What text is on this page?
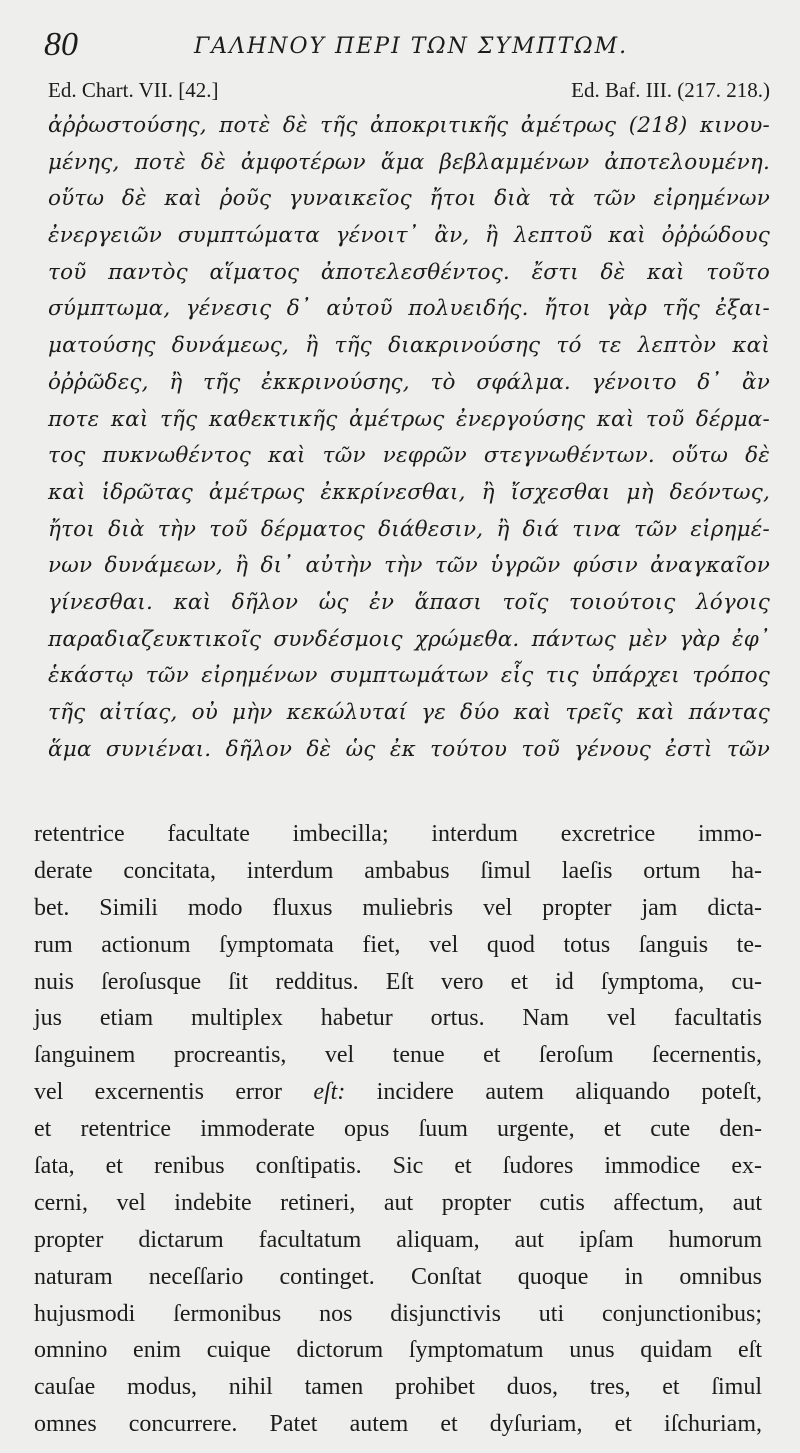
80	ΓΑΛΗΝΟΥ ΠΕΡΙ ΤΩΝ ΣΥΜΠΤΩΜ.
Ed. Chart. VII. [42.]	Ed. Baf. III. (217. 218.)
ἀῤῥωστούσης, ποτὲ δὲ τῆς ἀποκριτικῆς ἀμέτρως (218) κινου-
μένης, ποτὲ δὲ ἀμφοτέρων ἅμα βεβλαμμένων ἀποτελουμένη.
οὕτω δὲ καὶ ῥοῦς γυναικεῖος ἤτοι διὰ τὰ τῶν εἰρημένων
ἐνεργειῶν συμπτώματα γένοιτ᾽ ἂν, ἢ λεπτοῦ καὶ ὀῤῥώδους
τοῦ παντὸς αἵματος ἀποτελεσθέντος. ἔστι δὲ καὶ τοῦτο
σύμπτωμα, γένεσις δ᾽ αὐτοῦ πολυειδής. ἤτοι γὰρ τῆς ἐξαι-
ματούσης δυνάμεως, ἢ τῆς διακρινούσης τό τε λεπτὸν καὶ
ὀῤῥῶδες, ἢ τῆς ἐκκρινούσης, τὸ σφάλμα. γένοιτο δ᾽ ἂν
ποτε καὶ τῆς καθεκτικῆς ἀμέτρως ἐνεργούσης καὶ τοῦ δέρμα-
τος πυκνωθέντος καὶ τῶν νεφρῶν στεγνωθέντων. οὕτω δὲ
καὶ ἱδρῶτας ἀμέτρως ἐκκρίνεσθαι, ἢ ἴσχεσθαι μὴ δεόντως,
ἤτοι διὰ τὴν τοῦ δέρματος διάθεσιν, ἢ διά τινα τῶν εἰρημέ-
νων δυνάμεων, ἢ δι᾽ αὐτὴν τὴν τῶν ὑγρῶν φύσιν ἀναγκαῖον
γίνεσθαι. καὶ δῆλον ὡς ἐν ἅπασι τοῖς τοιούτοις λόγοις
παραδιαζευκτικοῖς συνδέσμοις χρώμεθα. πάντως μὲν γὰρ ἐφ᾽
ἑκάστῳ τῶν εἰρημένων συμπτωμάτων εἷς τις ὑπάρχει τρόπος
τῆς αἰτίας, οὐ μὴν κεκώλυταί γε δύο καὶ τρεῖς καὶ πάντας
ἅμα συνιέναι. δῆλον δὲ ὡς ἐκ τούτου τοῦ γένους ἐστὶ τῶν
retentrice facultate imbecilla; interdum excretrice immo-
derate concitata, interdum ambabus ſimul laeſis ortum ha-
bet. Simili modo fluxus muliebris vel propter jam dicta-
rum actionum ſymptomata fiet, vel quod totus ſanguis te-
nuis ſeroſusque ſit redditus. Eſt vero et id ſymptoma, cu-
jus etiam multiplex habetur ortus. Nam vel facultatis
ſanguinem procreantis, vel tenue et ſeroſum ſecernentis,
vel excernentis error eſt: incidere autem aliquando poteſt,
et retentrice immoderate opus ſuum urgente, et cute den-
ſata, et renibus conſtipatis. Sic et ſudores immodice ex-
cerni, vel indebite retineri, aut propter cutis affectum, aut
propter dictarum facultatum aliquam, aut ipſam humorum
naturam neceſſario continget. Conſtat quoque in omnibus
hujusmodi ſermonibus nos disjunctivis uti conjunctionibus;
omnino enim cuique dictorum ſymptomatum unus quidam eſt
cauſae modus, nihil tamen prohibet duos, tres, et ſimul
omnes concurrere. Patet autem et dyſuriam, et iſchuriam,
